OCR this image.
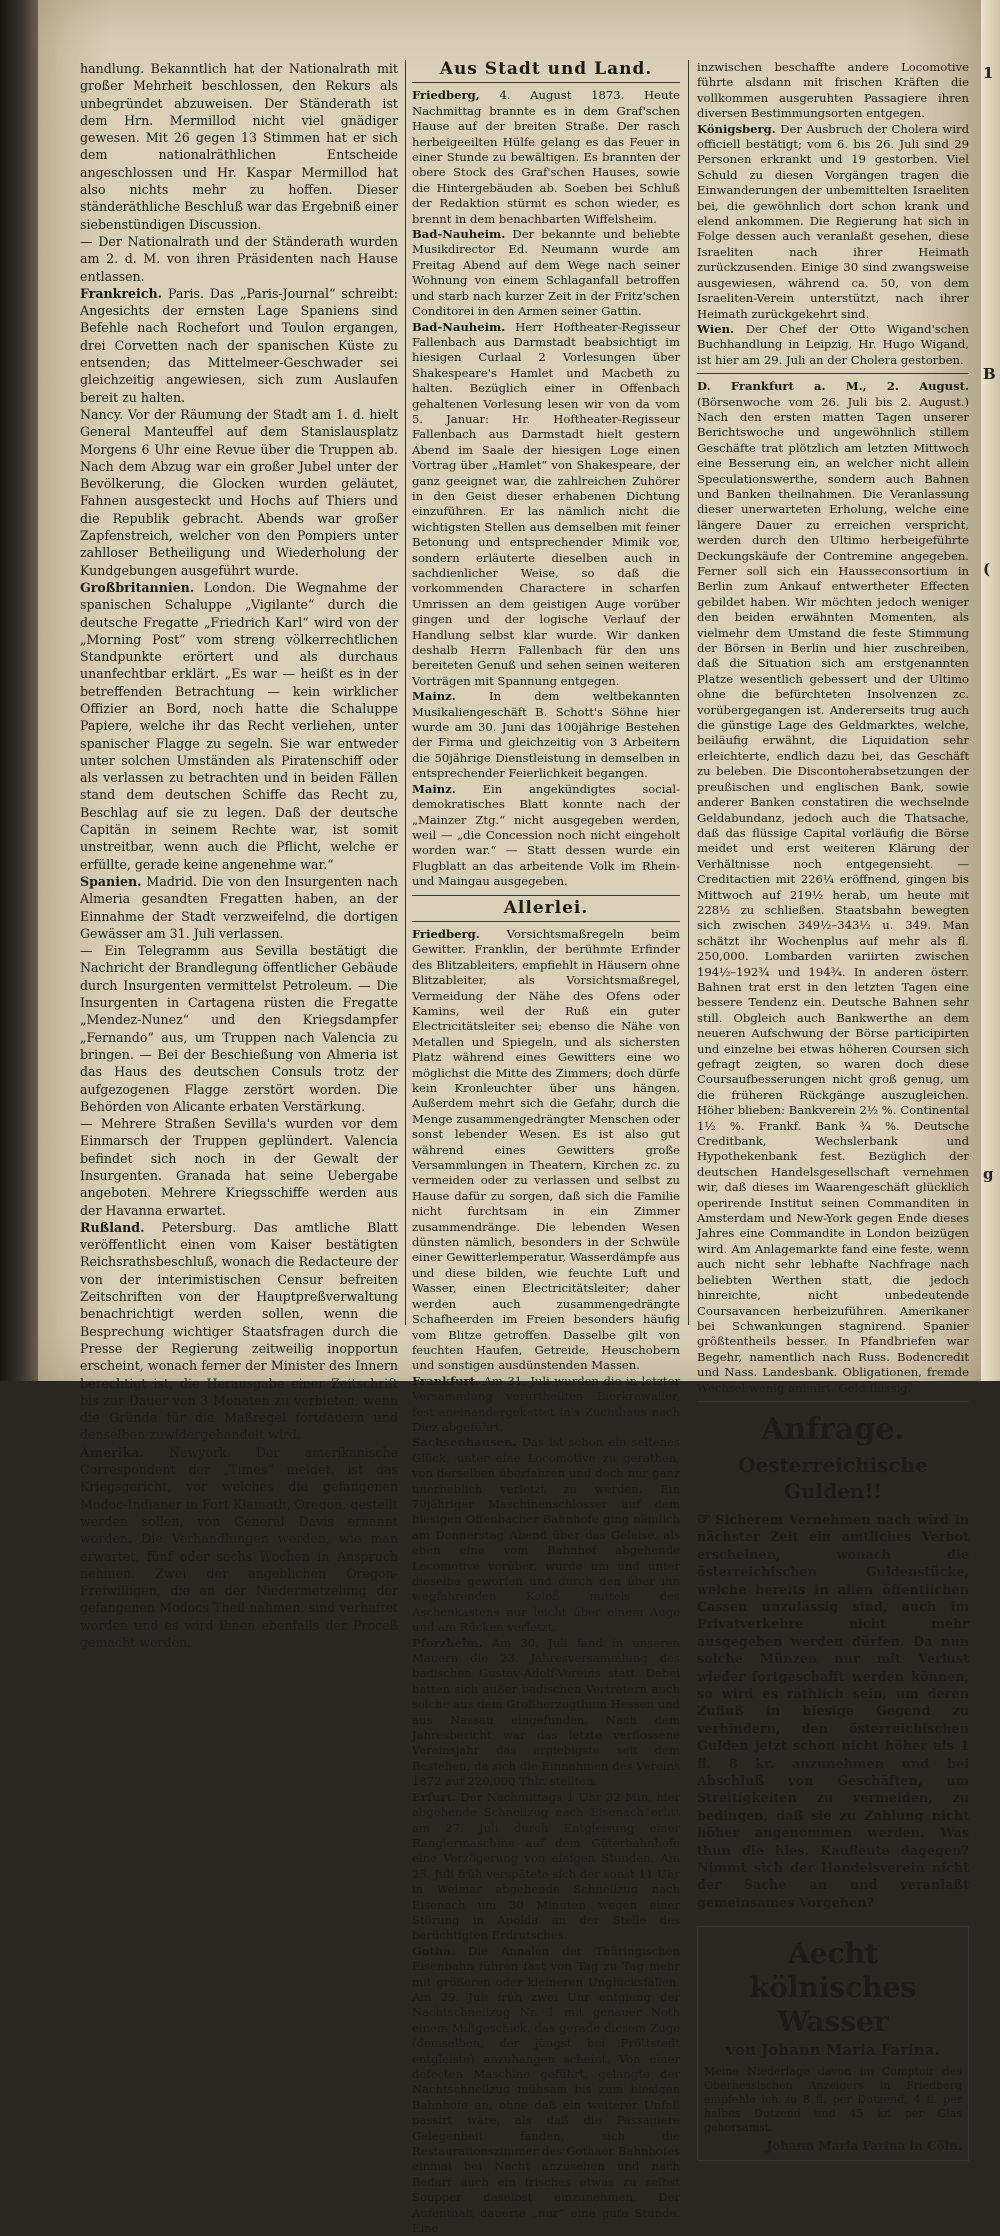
1
B
(
g

handlung. Bekanntlich hat der Nationalrath mit großer Mehrheit beschlossen, den Rekurs als unbegründet abzuweisen. Der Ständerath ist dem Hrn. Mermillod nicht viel gnädiger gewesen. Mit 26 gegen 13 Stimmen hat er sich dem nationalräthlichen Entscheide angeschlossen und Hr. Kaspar Mermillod hat also nichts mehr zu hoffen. Dieser ständeräthliche Beschluß war das Ergebniß einer siebenstündigen Discussion.

— Der Nationalrath und der Ständerath wurden am 2. d. M. von ihren Präsidenten nach Hause entlassen.

Frankreich. Paris. Das „Paris-Journal“ schreibt: Angesichts der ernsten Lage Spaniens sind Befehle nach Rochefort und Toulon ergangen, drei Corvetten nach der spanischen Küste zu entsenden; das Mittelmeer-Geschwader sei gleichzeitig angewiesen, sich zum Auslaufen bereit zu halten.

Nancy. Vor der Räumung der Stadt am 1. d. hielt General Manteuffel auf dem Stanislausplatz Morgens 6 Uhr eine Revue über die Truppen ab. Nach dem Abzug war ein großer Jubel unter der Bevölkerung, die Glocken wurden geläutet, Fahnen ausgesteckt und Hochs auf Thiers und die Republik gebracht. Abends war großer Zapfenstreich, welcher von den Pompiers unter zahlloser Betheiligung und Wiederholung der Kundgebungen ausgeführt wurde.

Großbritannien. London. Die Wegnahme der spanischen Schaluppe „Vigilante“ durch die deutsche Fregatte „Friedrich Karl“ wird von der „Morning Post“ vom streng völkerrechtlichen Standpunkte erörtert und als durchaus unanfechtbar erklärt. „Es war — heißt es in der betreffenden Betrachtung — kein wirklicher Offizier an Bord, noch hatte die Schaluppe Papiere, welche ihr das Recht verliehen, unter spanischer Flagge zu segeln. Sie war entweder unter solchen Umständen als Piratenschiff oder als verlassen zu betrachten und in beiden Fällen stand dem deutschen Schiffe das Recht zu, Beschlag auf sie zu legen. Daß der deutsche Capitän in seinem Rechte war, ist somit unstreitbar, wenn auch die Pflicht, welche er erfüllte, gerade keine angenehme war.“

Spanien. Madrid. Die von den Insurgenten nach Almeria gesandten Fregatten haben, an der Einnahme der Stadt verzweifelnd, die dortigen Gewässer am 31. Juli verlassen.

— Ein Telegramm aus Sevilla bestätigt die Nachricht der Brandlegung öffentlicher Gebäude durch Insurgenten vermittelst Petroleum. — Die Insurgenten in Cartagena rüsten die Fregatte „Mendez-Nunez“ und den Kriegsdampfer „Fernando“ aus, um Truppen nach Valencia zu bringen. — Bei der Beschießung von Almeria ist das Haus des deutschen Consuls trotz der aufgezogenen Flagge zerstört worden. Die Behörden von Alicante erbaten Verstärkung.

— Mehrere Straßen Sevilla's wurden vor dem Einmarsch der Truppen geplündert. Valencia befindet sich noch in der Gewalt der Insurgenten. Granada hat seine Uebergabe angeboten. Mehrere Kriegsschiffe werden aus der Havanna erwartet.

Rußland. Petersburg. Das amtliche Blatt veröffentlicht einen vom Kaiser bestätigten Reichsrathsbeschluß, wonach die Redacteure der von der interimistischen Censur befreiten Zeitschriften von der Hauptpreßverwaltung benachrichtigt werden sollen, wenn die Besprechung wichtiger Staatsfragen durch die Presse der Regierung zeitweilig inopportun erscheint, wonach ferner der Minister des Innern berechtigt ist, die Herausgabe einer Zeitschrift bis zur Dauer von 3 Monaten zu verbieten, wenn die Gründe für die Maßregel fortdauern und denselben zuwidergehandelt wird.

Amerika. Newyork. Der amerikanische Correspondent der „Times“ meldet, ist das Kriegsgericht, vor welches die gefangenen Modoc-Indianer in Fort Klamath, Oregon, gestellt werden sollen, von General Davis ernannt worden. Die Verhandlungen werden, wie man erwartet, fünf oder sechs Wochen in Anspruch nehmen. Zwei der angeblichen Oregon-Freiwilligen, die an der Niedermetzelung der gefangenen Modocs Theil nahmen, sind verhaftet worden und es wird ihnen ebenfalls der Proceß gemacht werden.

Aus Stadt und Land.

Friedberg, 4. August 1873. Heute Nachmittag brannte es in dem Graf'schen Hause auf der breiten Straße. Der rasch herbeigeeilten Hülfe gelang es das Feuer in einer Stunde zu bewältigen. Es brannten der obere Stock des Graf'schen Hauses, sowie die Hintergebäuden ab. Soeben bei Schluß der Redaktion stürmt es schon wieder, es brennt in dem benachbarten Wiffelsheim.

Bad-Nauheim. Der bekannte und beliebte Musikdirector Ed. Neumann wurde am Freitag Abend auf dem Wege nach seiner Wohnung von einem Schlaganfall betroffen und starb nach kurzer Zeit in der Fritz'schen Conditorei in den Armen seiner Gattin.

Bad-Nauheim. Herr Hoftheater-Regisseur Fallenbach aus Darmstadt beabsichtigt im hiesigen Curlaal 2 Vorlesungen über Shakespeare's Hamlet und Macbeth zu halten. Bezüglich einer in Offenbach gehaltenen Vorlesung lesen wir von da vom 5. Januar: Hr. Hoftheater-Regisseur Fallenbach aus Darmstadt hielt gestern Abend im Saale der hiesigen Loge einen Vortrag über „Hamlet“ von Shakespeare, der ganz geeignet war, die zahlreichen Zuhörer in den Geist dieser erhabenen Dichtung einzuführen. Er las nämlich nicht die wichtigsten Stellen aus demselben mit feiner Betonung und entsprechender Mimik vor, sondern erläuterte dieselben auch in sachdienlicher Weise, so daß die vorkommenden Charactere in scharfen Umrissen an dem geistigen Auge vorüber gingen und der logische Verlauf der Handlung selbst klar wurde. Wir danken deshalb Herrn Fallenbach für den uns bereiteten Genuß und sehen seinen weiteren Vorträgen mit Spannung entgegen.

Mainz.	In dem weltbekannten Musikaliengeschäft B. Schott's Söhne hier wurde am 30. Juni das 100jährige Bestehen der Firma und gleichzeitig von 3 Arbeitern die 50jährige Dienstleistung in demselben in entsprechender Feierlichkeit begangen.

Mainz. Ein angekündigtes social-demokratisches Blatt konnte nach der „Mainzer Ztg.“ nicht ausgegeben werden, weil — „die Concession noch nicht eingeholt worden war.“ — Statt dessen wurde ein Flugblatt an das arbeitende Volk im Rhein- und Maingau ausgegeben.

Allerlei.

Friedberg. Vorsichtsmaßregeln beim Gewitter. Franklin, der berühmte Erfinder des Blitzableiters, empfiehlt in Häusern ohne Blitzableiter, als Vorsichtsmaßregel, Vermeidung der Nähe des Ofens oder Kamins, weil der Ruß ein guter Electricitätsleiter sei; ebenso die Nähe von Metallen und Spiegeln, und als sichersten Platz während eines Gewitters eine wo möglichst die Mitte des Zimmers; doch dürfe kein Kronleuchter über uns hängen. Außerdem mehrt sich die Gefahr, durch die Menge zusammengedrängter Menschen oder sonst lebender Wesen. Es ist also gut während eines Gewitters große Versammlungen in Theatern, Kirchen zc. zu vermeiden oder zu verlassen und selbst zu Hause dafür zu sorgen, daß sich die Familie nicht furchtsam in ein Zimmer zusammendränge. Die lebenden Wesen dünsten nämlich, besonders in der Schwüle einer Gewitterlemperatur, Wasserdämpfe aus und diese bilden, wie feuchte Luft und Wasser, einen Electricitätsleiter; daher werden auch zusammengedrängte Schafheerden im Freien besonders häufig vom Blitze getroffen. Dasselbe gilt von feuchten Haufen, Getreide, Heuschobern und sonstigen ausdünstenden Massen.

Frankfurt. Am 31. Juli wurden die in letzter Versammlung verurtheilten Bierkrawaller, fest aneinandergekettet in's Zuchthaus nach Diez abgeführt.

Sachsenhausen. Das ist schon ein seltenes Glück, unter eine Locomotive zu gerathen, von derselben überfahren und doch nur ganz unerheblich verletzt zu werden. Ein 70jähriger Maschinenschlosser auf dem hiesigen Offenbacher Bahnhofe ging nämlich am Donnerstag Abend über das Geleise, als eben eine vom Bahnhof abgehende Locomotive vorüber, wurde um und unter dieselbe geworfen und durch den über ihn wegfahrenden Koloß mittels des Aschenkastens nur leicht über einem Auge und am Rücken verletzt.

Pforzheim. Am 30. Juli fand in unseren Mauern die 23. Jahresversammlung des badischen Gustav-Adolf-Vereins statt. Dabei hatten sich außer badischen Vertretern auch solche aus dem Großherzogthum Hessen und aus Nassau eingefunden. Nach dem Jahresbericht war das letzte verflossene Vereinsjahr das ergiebigste seit dem Bestehen, da sich die Einnahmen des Vereins 1872 auf 220,000 Thlr. stellten.

Erfurt. Der Nachmittags 1 Uhr 32 Min. hier abgehende Schnellzug nach Eisenach erlitt am 27. Juli durch Entgleisung einer Rangiermaschine auf dem Güterbahnhofe eine Verzögerung von einigen Stunden. Am 25. Juli früh verspätete sich der sonst 11 Uhr in Weimar abgehende Schnellzug nach Eisenach um 30 Minuten wegen einer Störung in Apolda an der Stelle des berüchtigten Erdrutsches.

Gotha. Die Annalen der Thüringischen Eisenbahn führen fast von Tag zu Tag mehr mit größeren oder kleineren Unglücksfällen. Am 29. Juli früh zwei Uhr entgieng der Nachtschnellzug Nr. 1 mit genauer Noth einem Mißgeschick, das gerade diesem Zuge (demselben, der jüngst bei Fröttstedt entgleiste) anzuhangen scheint. Von einer defecten Maschine geführt, gelangte der Nachtschnellzug mühsam bis zum hiesigen Bahnhofe an, ohne daß ein weiterer Unfall passirt wäre, als daß die Passagiere Gelegenheit fanden, sich die Restaurationszimmer des Gothaer Bahnhofes einmal bei Nacht anzusehen und nach Bedarf auch ein frisches etwas zu selbst Soupper daselbst einzunehmen. Der Aufenthalt dauerte „nur“ eine gute Stunde. Eine

inzwischen beschaffte andere Locomotive führte alsdann mit frischen Kräften die vollkommen ausgeruhten Passagiere ihren diversen Bestimmungsorten entgegen.

Königsberg. Der Ausbruch der Cholera wird officiell bestätigt; vom 6. bis 26. Juli sind 29 Personen erkrankt und 19 gestorben. Viel Schuld zu diesen Vorgängen tragen die Einwanderungen der unbemittelten Israeliten bei, die gewöhnlich dort schon krank und elend ankommen. Die Regierung hat sich in Folge dessen auch veranlaßt gesehen, diese Israeliten nach ihrer Heimath zurückzusenden. Einige 30 sind zwangsweise ausgewiesen, während ca. 50, von dem Israeliten-Verein unterstützt, nach ihrer Heimath zurückgekehrt sind.

Wien. Der Chef der Otto Wigand'schen Buchhandlung in Leipzig, Hr. Hugo Wigand, ist hier am 29. Juli an der Cholera gestorben.

D. Frankfurt a. M., 2. August. (Börsenwoche vom 26. Juli bis 2. August.) Nach den ersten matten Tagen unserer Berichtswoche und ungewöhnlich stillem Geschäfte trat plötzlich am letzten Mittwoch eine Besserung ein, an welcher nicht allein Speculationswerthe, sondern auch Bahnen und Banken theilnahmen. Die Veranlassung dieser unerwarteten Erholung, welche eine längere Dauer zu erreichen verspricht, werden durch den Ultimo herbeigeführte Deckungskäufe der Contremine angegeben. Ferner soll sich ein Hausseconsortium in Berlin zum Ankauf entwertheter Effecten gebildet haben. Wir möchten jedoch weniger den beiden erwähnten Momenten, als vielmehr dem Umstand die feste Stimmung der Börsen in Berlin und hier zuschreiben, daß die Situation sich am erstgenannten Platze wesentlich gebessert und der Ultimo ohne die befürchteten Insolvenzen zc. vorübergegangen ist. Andererseits trug auch die günstige Lage des Geldmarktes, welche, beiläufig erwähnt, die Liquidation sehr erleichterte, endlich dazu bei, das Geschäft zu beleben. Die Discontoherabsetzungen der preußischen und englischen Bank, sowie anderer Banken constatiren die wechselnde Geldabundanz, jedoch auch die Thatsache, daß das flüssige Capital vorläufig die Börse meidet und erst weiteren Klärung der Verhältnisse noch entgegensieht. — Creditactien mit 226¼ eröffnend, gingen bis Mittwoch auf 219½ herab, um heute mit 228½ zu schließen. Staatsbahn bewegten sich zwischen 349½–343½ u. 349. Man schätzt ihr Wochenplus auf mehr als fl. 250,000. Lombarden variirten zwischen 194½–192¾ und 194¾. In anderen österr. Bahnen trat erst in den letzten Tagen eine bessere Tendenz ein. Deutsche Bahnen sehr still. Obgleich auch Bankwerthe an dem neueren Aufschwung der Börse participirten und einzelne bei etwas höheren Coursen sich gefragt zeigten, so waren doch diese Coursaufbesserungen nicht groß genug, um die früheren Rückgänge auszugleichen. Höher blieben: Bankverein 2½ %. Continental 1½ %. Frankf. Bank ¾ %. Deutsche Creditbank, Wechslerbank und Hypothekenbank fest. Bezüglich der deutschen Handelsgesellschaft vernehmen wir, daß dieses im Waarengeschäft glücklich operirende Institut seinen Commanditen in Amsterdam und New-York gegen Ende dieses Jahres eine Commandite in London beizügen wird. Am Anlagemarkte fand eine feste, wenn auch nicht sehr lebhafte Nachfrage nach beliebten Werthen statt, die jedoch hinreichte, nicht unbedeutende Coursavancen herbeizuführen. Amerikaner bei Schwankungen stagnirend. Spanier größtentheils besser. In Pfandbriefen war Begehr, namentlich nach Russ. Bodencredit und Nass. Landesbank. Obligationen, fremde Wechsel wenig animirt. Geld flüssig.

Anfrage.
Oesterreichische Gulden!!

☞ Sicherem Vernehmen nach wird in nächster Zeit ein amtliches Verbot erscheinen, wonach die österreichischen Guldenstücke, welche bereits in allen öffentlichen Cassen unzulässig sind, auch im Privatverkehre nicht mehr ausgegeben werden dürfen. Da nun solche Münzen nur mit Verlust wieder fortgeschafft werden können, so wird es räthlich sein, um deren Zufluß in hiesige Gegend zu verhindern, den österreichischen Gulden jetzt schon nicht höher als 1 fl. 8 kr. anzunehmen und bei Abschluß von Geschäften, um Streitigkeiten zu vermeiden, zu bedingen, daß sie zu Zahlung nicht höher angenommen werden. Was thun die hies. Kaufleute dagegen? Nimmt sich der Handelsverein nicht der Sache an und veranlaßt gemeinsames Vorgehen?

Aecht kölnisches Wasser
von Johann Maria Farina.

Meine Niederlage davon im Comptoir des Oberhessischen Anzeigers in Friedberg empfehle ich zu 8 fl. per Dutzend, 4 fl. per halbes Dutzend und 45 kr. per Glas gehorsamst.

Johann Maria Farina in Cöln.
